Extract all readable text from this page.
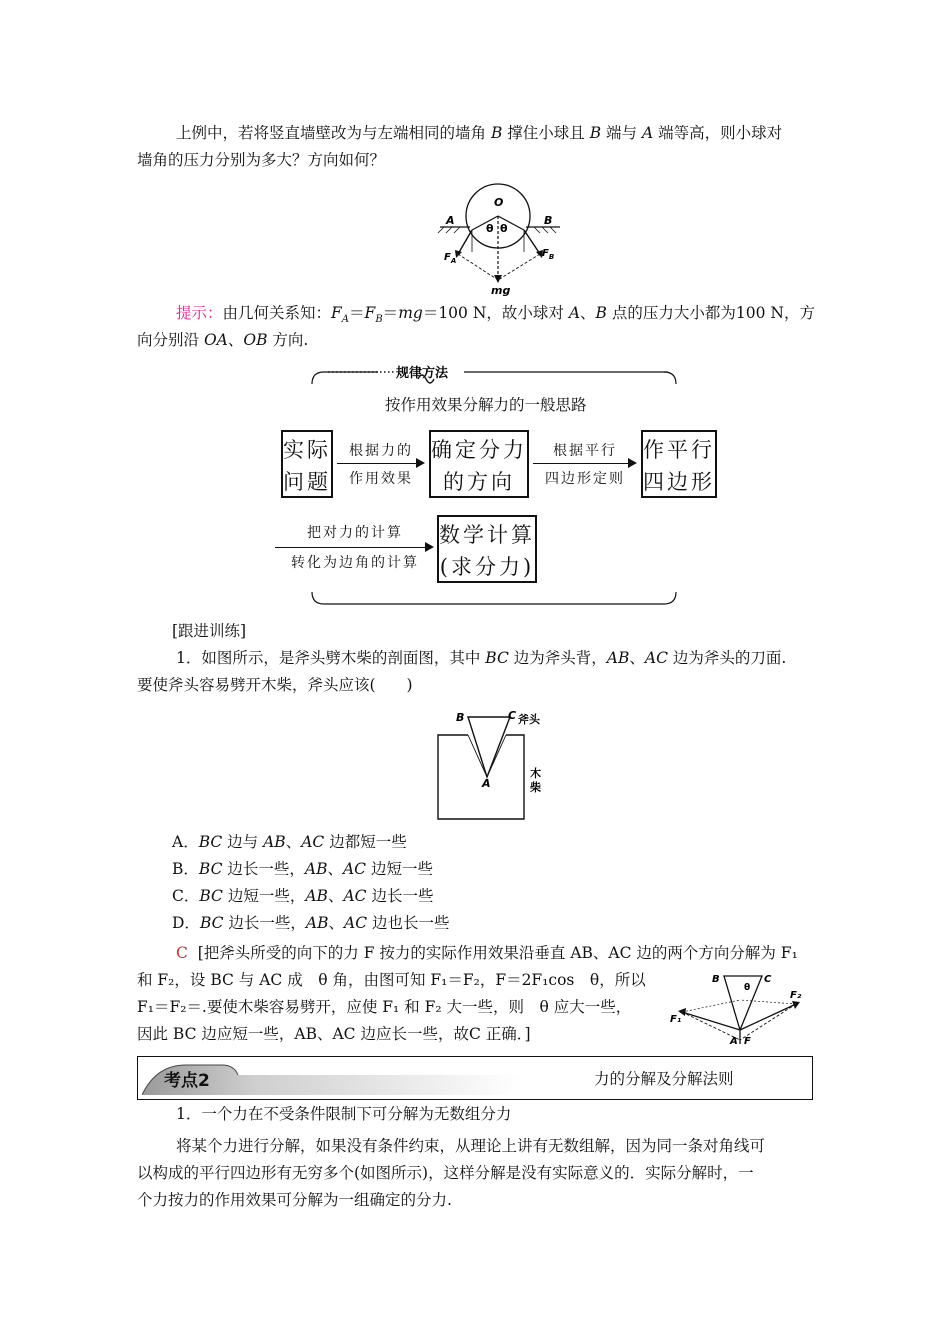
上例中，若将竖直墙壁改为与左端相同的墙角 B 撑住小球且 B 端与 A 端等高，则小球对
墙角的压力分别为多大？方向如何？
O
A	B
θ θ
$F_A$
$F_B$
mg
提示：由几何关系知：$F_A=F_B=mg=100$ N，故小球对 A、B 点的压力大小都为100 N，方
向分别沿 OA、OB 方向.
规律方法
按作用效果分解力的一般思路
实际
问题
根据力的
作用效果
确定分力
的方向
根据平行
四边形定则
作平行
四边形
把对力的计算
转化为边角的计算
数学计算
(求分力)
[跟进训练]
1．如图所示，是斧头劈木柴的剖面图，其中 BC 边为斧头背，AB、AC 边为斧头的刀面.
要使斧头容易劈开木柴，斧头应该(　　)
B	C 斧头
A
木
柴
A．BC 边与 AB、AC 边都短一些
B．BC 边长一些，AB、AC 边短一些
C．BC 边短一些，AB、AC 边长一些
D．BC 边长一些，AB、AC 边也长一些
C [把斧头所受的向下的力 F 按力的实际作用效果沿垂直 AB、AC 边的两个方向分解为 F₁
和 F₂，设 BC 与 AC 成　θ 角，由图可知 F₁＝F₂，F＝2F₁cos　θ，所以
F₁＝F₂＝.要使木柴容易劈开，应使 F₁ 和 F₂ 大一些，则　θ 应大一些，
因此 BC 边应短一些，AB、AC 边应长一些，故C 正确．]
B	C
θ
F₁
F₂
A F
考点2	力的分解及分解法则
1．一个力在不受条件限制下可分解为无数组分力
将某个力进行分解，如果没有条件约束，从理论上讲有无数组解，因为同一条对角线可
以构成的平行四边形有无穷多个(如图所示)，这样分解是没有实际意义的．实际分解时，一
个力按力的作用效果可分解为一组确定的分力.
